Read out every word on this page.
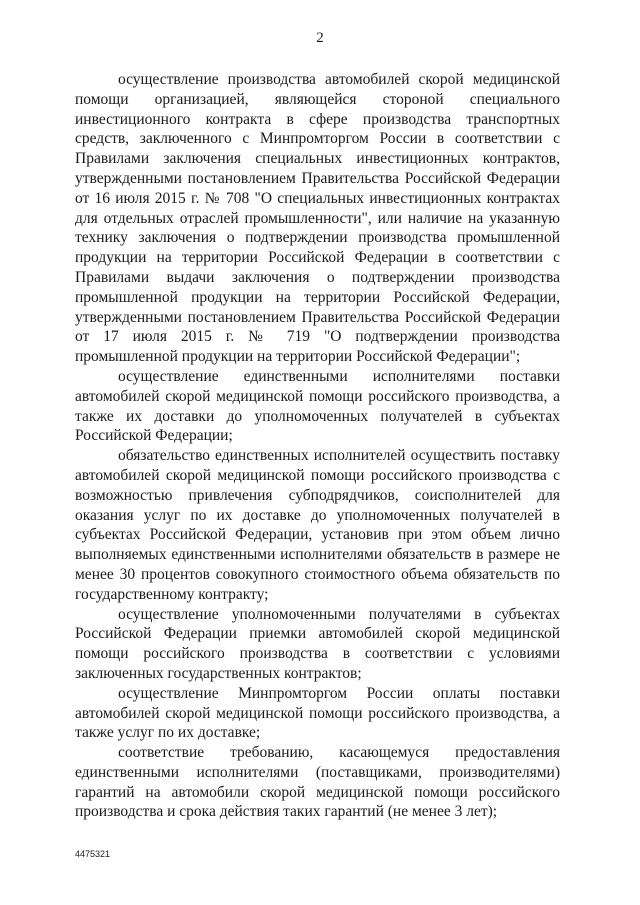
2

осуществление производства автомобилей скорой медицинской помощи организацией, являющейся стороной специального инвестиционного контракта в сфере производства транспортных средств, заключенного с Минпромторгом России в соответствии с Правилами заключения специальных инвестиционных контрактов, утвержденными постановлением Правительства Российской Федерации от 16 июля 2015 г. № 708 "О специальных инвестиционных контрактах для отдельных отраслей промышленности", или наличие на указанную технику заключения о подтверждении производства промышленной продукции на территории Российской Федерации в соответствии с Правилами выдачи заключения о подтверждении производства промышленной продукции на территории Российской Федерации, утвержденными постановлением Правительства Российской Федерации от 17 июля 2015 г. № 719 "О подтверждении производства промышленной продукции на территории Российской Федерации";

осуществление единственными исполнителями поставки автомобилей скорой медицинской помощи российского производства, а также их доставки до уполномоченных получателей в субъектах Российской Федерации;

обязательство единственных исполнителей осуществить поставку автомобилей скорой медицинской помощи российского производства с возможностью привлечения субподрядчиков, соисполнителей для оказания услуг по их доставке до уполномоченных получателей в субъектах Российской Федерации, установив при этом объем лично выполняемых единственными исполнителями обязательств в размере не менее 30 процентов совокупного стоимостного объема обязательств по государственному контракту;

осуществление уполномоченными получателями в субъектах Российской Федерации приемки автомобилей скорой медицинской помощи российского производства в соответствии с условиями заключенных государственных контрактов;

осуществление Минпромторгом России оплаты поставки автомобилей скорой медицинской помощи российского производства, а также услуг по их доставке;

соответствие требованию, касающемуся предоставления единственными исполнителями (поставщиками, производителями) гарантий на автомобили скорой медицинской помощи российского производства и срока действия таких гарантий (не менее 3 лет);

4475321
